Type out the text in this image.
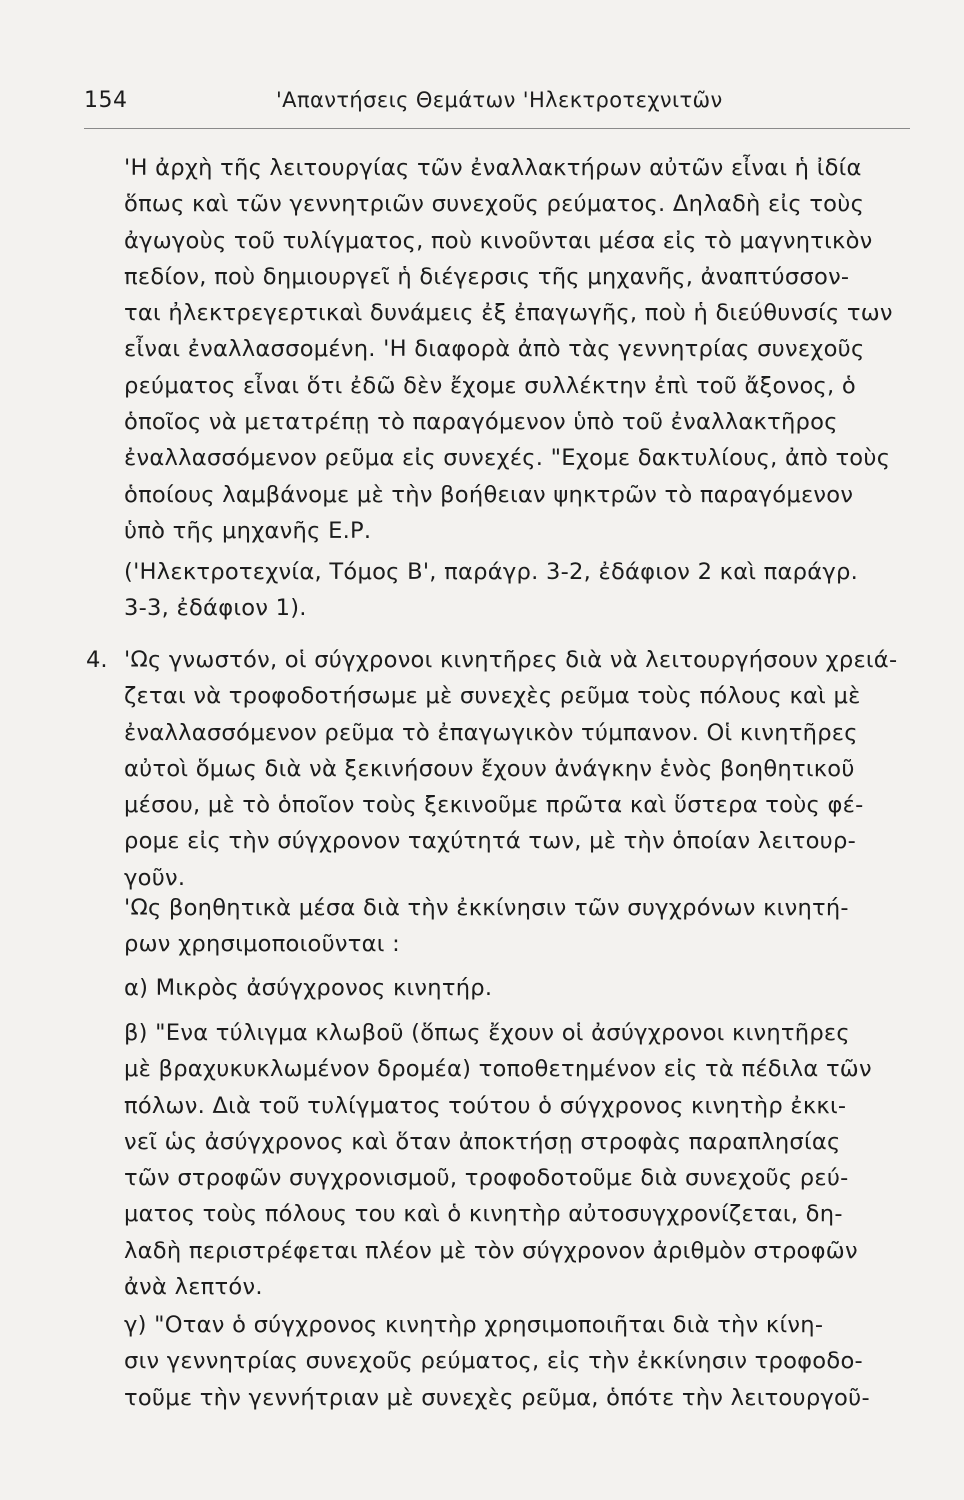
154	'Απαντήσεις Θεμάτων 'Ηλεκτροτεχνιτῶν
'Η ἀρχὴ τῆς λειτουργίας τῶν ἐναλλακτήρων αὐτῶν εἶναι ἡ ἰδία
ὅπως καὶ τῶν γεννητριῶν συνεχοῦς ρεύματος. Δηλαδὴ εἰς τοὺς
ἀγωγοὺς τοῦ τυλίγματος, ποὺ κινοῦνται μέσα εἰς τὸ μαγνητικὸν
πεδίον, ποὺ δημιουργεῖ ἡ διέγερσις τῆς μηχανῆς, ἀναπτύσσον-
ται ἠλεκτρεγερτικαὶ δυνάμεις ἐξ ἐπαγωγῆς, ποὺ ἡ διεύθυνσίς των
εἶναι ἐναλλασσομένη. 'Η διαφορὰ ἀπὸ τὰς γεννητρίας συνεχοῦς
ρεύματος εἶναι ὅτι ἐδῶ δὲν ἔχομε συλλέκτην ἐπὶ τοῦ ἄξονος, ὁ
ὁποῖος νὰ μετατρέπῃ τὸ παραγόμενον ὑπὸ τοῦ ἐναλλακτῆρος
ἐναλλασσόμενον ρεῦμα εἰς συνεχές. "Εχομε δακτυλίους, ἀπὸ τοὺς
ὁποίους λαμβάνομε μὲ τὴν βοήθειαν ψηκτρῶν τὸ παραγόμενον
ὑπὸ τῆς μηχανῆς Ε.Ρ.
('Ηλεκτροτεχνία, Τόμος Β', παράγρ. 3-2, ἐδάφιον 2 καὶ παράγρ.
3-3, ἐδάφιον 1).
4. 'Ως γνωστόν, οἱ σύγχρονοι κινητῆρες διὰ νὰ λειτουργήσουν χρειά-
ζεται νὰ τροφοδοτήσωμε μὲ συνεχὲς ρεῦμα τοὺς πόλους καὶ μὲ
ἐναλλασσόμενον ρεῦμα τὸ ἐπαγωγικὸν τύμπανον. Οἱ κινητῆρες
αὐτοὶ ὅμως διὰ νὰ ξεκινήσουν ἔχουν ἀνάγκην ἑνὸς βοηθητικοῦ
μέσου, μὲ τὸ ὁποῖον τοὺς ξεκινοῦμε πρῶτα καὶ ὕστερα τοὺς φέ-
ρομε εἰς τὴν σύγχρονον ταχύτητά των, μὲ τὴν ὁποίαν λειτουρ-
γοῦν.
'Ως βοηθητικὰ μέσα διὰ τὴν ἐκκίνησιν τῶν συγχρόνων κινητή-
ρων χρησιμοποιοῦνται :
α) Μικρὸς ἀσύγχρονος κινητήρ.
β) "Ενα τύλιγμα κλωβοῦ (ὅπως ἔχουν οἱ ἀσύγχρονοι κινητῆρες
μὲ βραχυκυκλωμένον δρομέα) τοποθετημένον εἰς τὰ πέδιλα τῶν
πόλων. Διὰ τοῦ τυλίγματος τούτου ὁ σύγχρονος κινητὴρ ἐκκι-
νεῖ ὡς ἀσύγχρονος καὶ ὅταν ἀποκτήσῃ στροφὰς παραπλησίας
τῶν στροφῶν συγχρονισμοῦ, τροφοδοτοῦμε διὰ συνεχοῦς ρεύ-
ματος τοὺς πόλους του καὶ ὁ κινητὴρ αὐτοσυγχρονίζεται, δη-
λαδὴ περιστρέφεται πλέον μὲ τὸν σύγχρονον ἀριθμὸν στροφῶν
ἀνὰ λεπτόν.
γ) "Οταν ὁ σύγχρονος κινητὴρ χρησιμοποιῆται διὰ τὴν κίνη-
σιν γεννητρίας συνεχοῦς ρεύματος, εἰς τὴν ἐκκίνησιν τροφοδο-
τοῦμε τὴν γεννήτριαν μὲ συνεχὲς ρεῦμα, ὁπότε τὴν λειτουργοῦ-
